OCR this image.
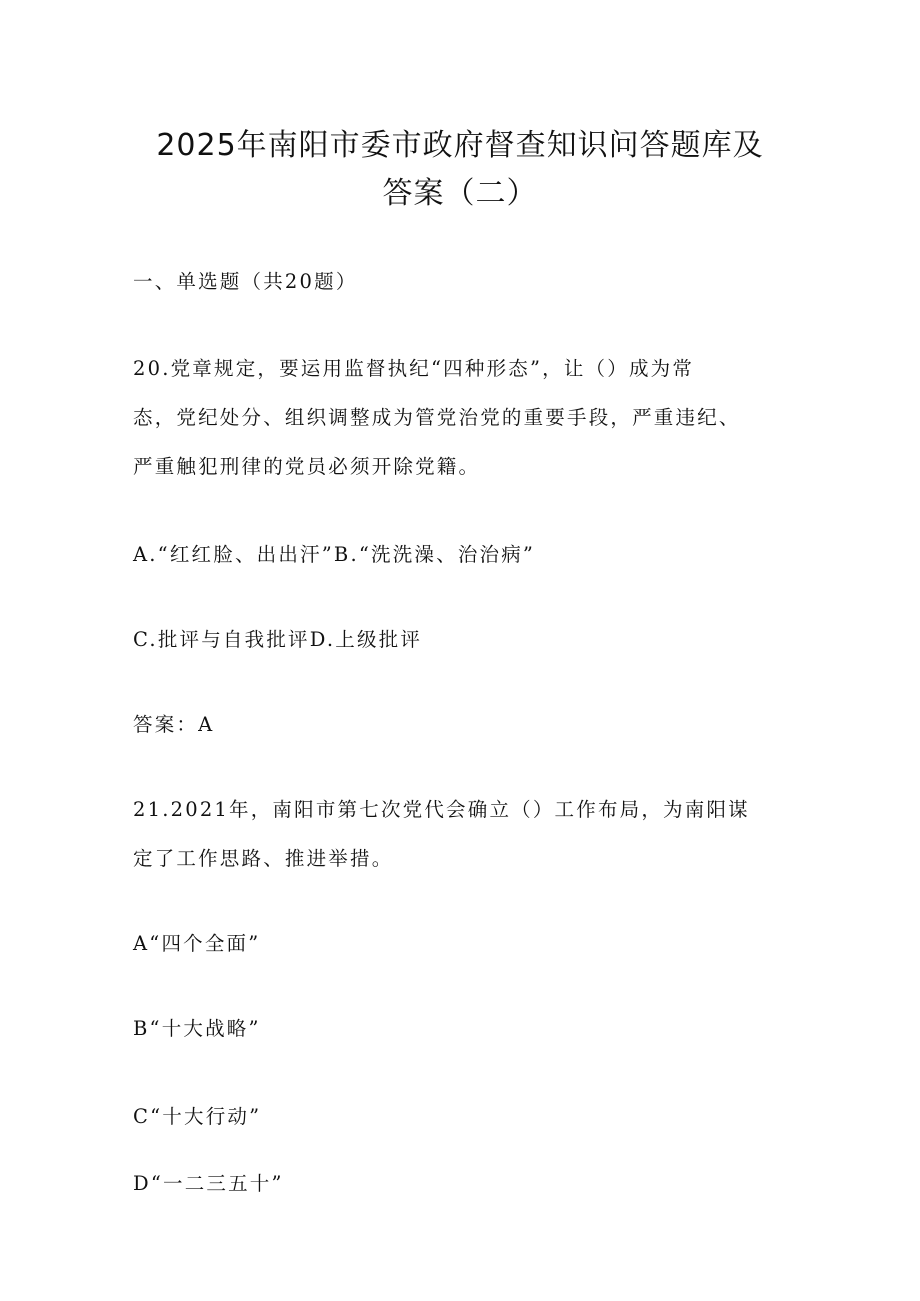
2025年南阳市委市政府督查知识问答题库及
答案（二）
一、单选题（共20题）
20.党章规定，要运用监督执纪“四种形态”，让（）成为常
态，党纪处分、组织调整成为管党治党的重要手段，严重违纪、
严重触犯刑律的党员必须开除党籍。
A.“红红脸、出出汗”B.“洗洗澡、治治病”
C.批评与自我批评D.上级批评
答案：A
21.2021年，南阳市第七次党代会确立（）工作布局，为南阳谋
定了工作思路、推进举措。
A“四个全面”
B“十大战略”
C“十大行动”
D“一二三五十”
